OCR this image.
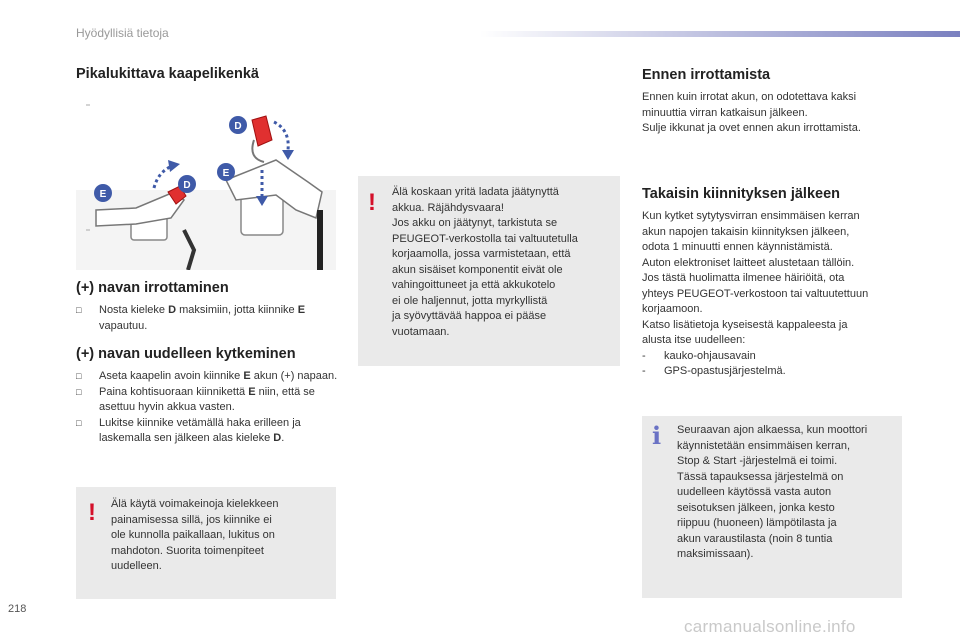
Hyödyllisiä tietoja
Pikalukittava kaapelikenkä
E
D
D
E
(+) navan irrottaminen
□ Nosta kieleke D maksimiin, jotta kiinnike E vapautuu.
(+) navan uudelleen kytkeminen
□ Aseta kaapelin avoin kiinnike E akun (+) napaan.
□ Paina kohtisuoraan kiinnikettä E niin, että se asettuu hyvin akkua vasten.
□ Lukitse kiinnike vetämällä haka erilleen ja laskemalla sen jälkeen alas kieleke D.
! Älä käytä voimakeinoja kielekkeen
painamisessa sillä, jos kiinnike ei
ole kunnolla paikallaan, lukitus on
mahdoton. Suorita toimenpiteet
uudelleen.
! Älä koskaan yritä ladata jäätynyttä
akkua. Räjähdysvaara!
Jos akku on jäätynyt, tarkistuta se
PEUGEOT-verkostolla tai valtuutetulla
korjaamolla, jossa varmistetaan, että
akun sisäiset komponentit eivät ole
vahingoittuneet ja että akkukotelo
ei ole haljennut, jotta myrkyllistä
ja syövyttävää happoa ei pääse
vuotamaan.
Ennen irrottamista
Ennen kuin irrotat akun, on odotettava kaksi
minuuttia virran katkaisun jälkeen.
Sulje ikkunat ja ovet ennen akun irrottamista.
Takaisin kiinnityksen jälkeen
Kun kytket sytytysvirran ensimmäisen kerran
akun napojen takaisin kiinnityksen jälkeen,
odota 1 minuutti ennen käynnistämistä.
Auton elektroniset laitteet alustetaan tällöin.
Jos tästä huolimatta ilmenee häiriöitä, ota
yhteys PEUGEOT-verkostoon tai valtuutettuun
korjaamoon.
Katso lisätietoja kyseisestä kappaleesta ja
alusta itse uudelleen:
- kauko-ohjausavain
- GPS-opastusjärjestelmä.
i Seuraavan ajon alkaessa, kun moottori
käynnistetään ensimmäisen kerran,
Stop & Start -järjestelmä ei toimi.
Tässä tapauksessa järjestelmä on
uudelleen käytössä vasta auton
seisotuksen jälkeen, jonka kesto
riippuu (huoneen) lämpötilasta ja
akun varaustilasta (noin 8 tuntia
maksimissaan).
218
carmanualsonline.info
